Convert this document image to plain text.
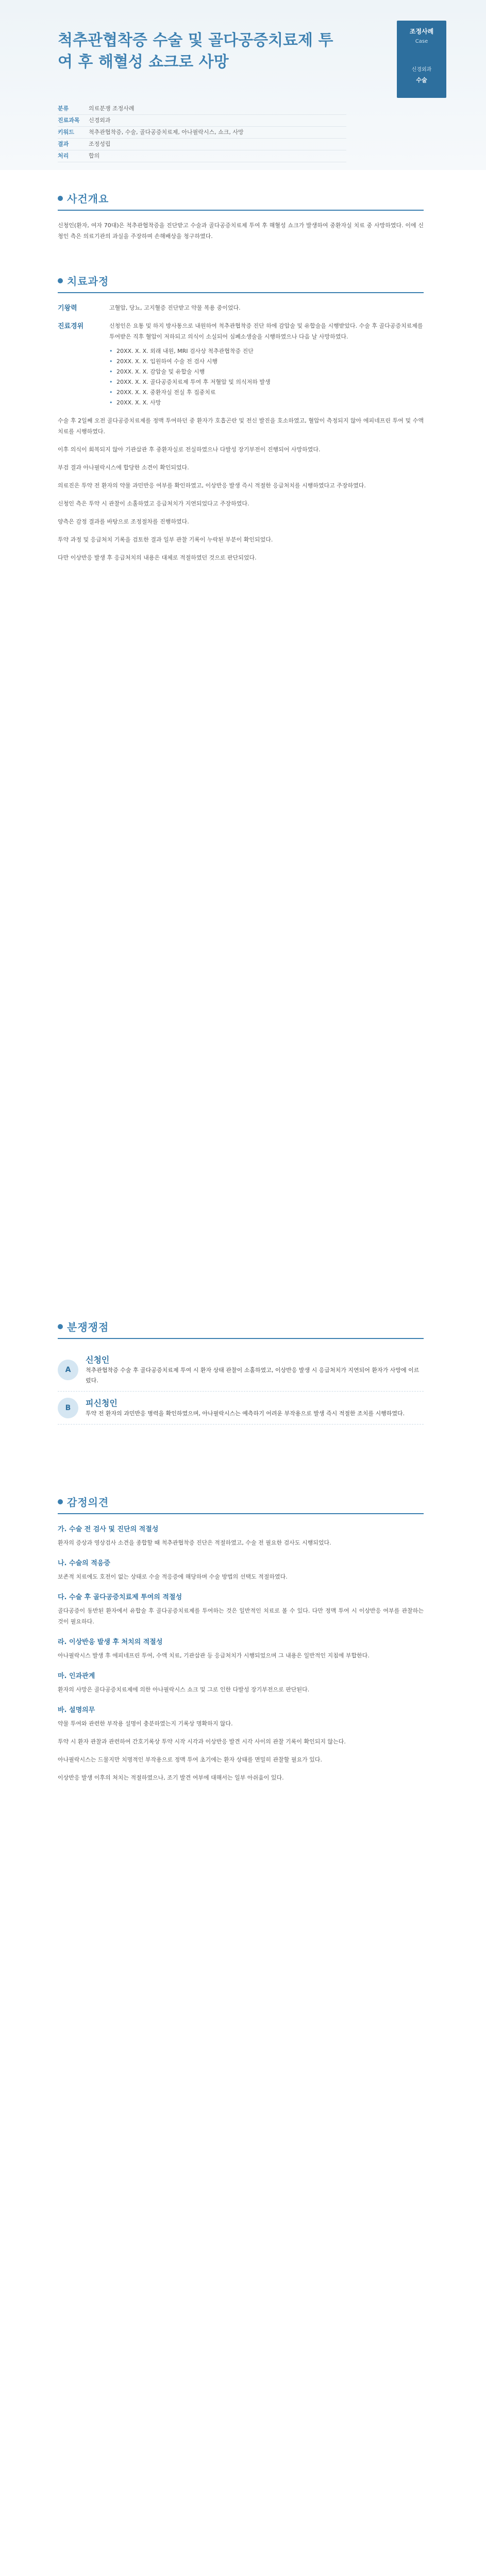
척추관협착증 수술 및 골다공증치료제 투여 후 해혈성 쇼크로 사망
분류	의료분쟁 조정사례
진료과목	신경외과
키워드	척추관협착증, 수술, 골다공증치료제, 아나필락시스, 쇼크, 사망
결과	조정성립
처리	합의
조정사례
Case
신경외과
수술
사건개요

신청인(환자, 여자 70대)은 척추관협착증을 진단받고 수술과 골다공증치료제 투여 후 해혈성 쇼크가 발생하여 중환자실 치료 중 사망하였다. 이에 신청인 측은 의료기관의 과실을 주장하며 손해배상을 청구하였다.

치료과정
기왕력	고혈압, 당뇨, 고지혈증 진단받고 약물 복용 중이었다.
진료경위	신청인은 요통 및 하지 방사통으로 내원하여 척추관협착증 진단 하에 감압술 및 유합술을 시행받았다. 수술 후 골다공증치료제를 투여받은 직후 혈압이 저하되고 의식이 소실되어 심폐소생술을 시행하였으나 다음 날 사망하였다.
• 20XX. X. X. 외래 내원, MRI 검사상 척추관협착증 진단
• 20XX. X. X. 입원하여 수술 전 검사 시행
• 20XX. X. X. 감압술 및 유합술 시행
• 20XX. X. X. 골다공증치료제 투여 후 저혈압 및 의식저하 발생
• 20XX. X. X. 중환자실 전실 후 집중치료
• 20XX. X. X. 사망

수술 후 2일째 오전 골다공증치료제를 정맥 투여하던 중 환자가 호흡곤란 및 전신 발진을 호소하였고, 혈압이 측정되지 않아 에피네프린 투여 및 수액 치료를 시행하였다.

이후 의식이 회복되지 않아 기관삽관 후 중환자실로 전실하였으나 다발성 장기부전이 진행되어 사망하였다.

부검 결과 아나필락시스에 합당한 소견이 확인되었다.

의료진은 투약 전 환자의 약물 과민반응 여부를 확인하였고, 이상반응 발생 즉시 적절한 응급처치를 시행하였다고 주장하였다.

신청인 측은 투약 시 관찰이 소홀하였고 응급처치가 지연되었다고 주장하였다.

양측은 감정 결과를 바탕으로 조정절차를 진행하였다.

투약 과정 및 응급처치 기록을 검토한 결과 일부 관찰 기록이 누락된 부분이 확인되었다.

다만 이상반응 발생 후 응급처치의 내용은 대체로 적절하였던 것으로 판단되었다.

분쟁쟁점
A
신청인
척추관협착증 수술 후 골다공증치료제 투여 시 환자 상태 관찰이 소홀하였고, 이상반응 발생 시 응급처치가 지연되어 환자가 사망에 이르렀다.
B	피신청인
투약 전 환자의 과민반응 병력을 확인하였으며, 아나필락시스는 예측하기 어려운 부작용으로 발생 즉시 적절한 조치를 시행하였다.
감정의견
가. 수술 전 검사 및 진단의 적절성

환자의 증상과 영상검사 소견을 종합할 때 척추관협착증 진단은 적절하였고, 수술 전 필요한 검사도 시행되었다.

나. 수술의 적응증

보존적 치료에도 호전이 없는 상태로 수술 적응증에 해당하며 수술 방법의 선택도 적절하였다.

다. 수술 후 골다공증치료제 투여의 적절성

골다공증이 동반된 환자에서 유합술 후 골다공증치료제를 투여하는 것은 일반적인 치료로 볼 수 있다. 다만 정맥 투여 시 이상반응 여부를 관찰하는 것이 필요하다.

라. 이상반응 발생 후 처치의 적절성

아나필락시스 발생 후 에피네프린 투여, 수액 치료, 기관삽관 등 응급처치가 시행되었으며 그 내용은 일반적인 지침에 부합한다.

마. 인과관계

환자의 사망은 골다공증치료제에 의한 아나필락시스 쇼크 및 그로 인한 다발성 장기부전으로 판단된다.

바. 설명의무

약물 투여와 관련한 부작용 설명이 충분하였는지 기록상 명확하지 않다.

투약 시 환자 관찰과 관련하여 간호기록상 투약 시작 시각과 이상반응 발견 시각 사이의 관찰 기록이 확인되지 않는다.

아나필락시스는 드물지만 치명적인 부작용으로 정맥 투여 초기에는 환자 상태를 면밀히 관찰할 필요가 있다.

이상반응 발생 이후의 처치는 적절하였으나, 조기 발견 여부에 대해서는 일부 아쉬움이 있다.
